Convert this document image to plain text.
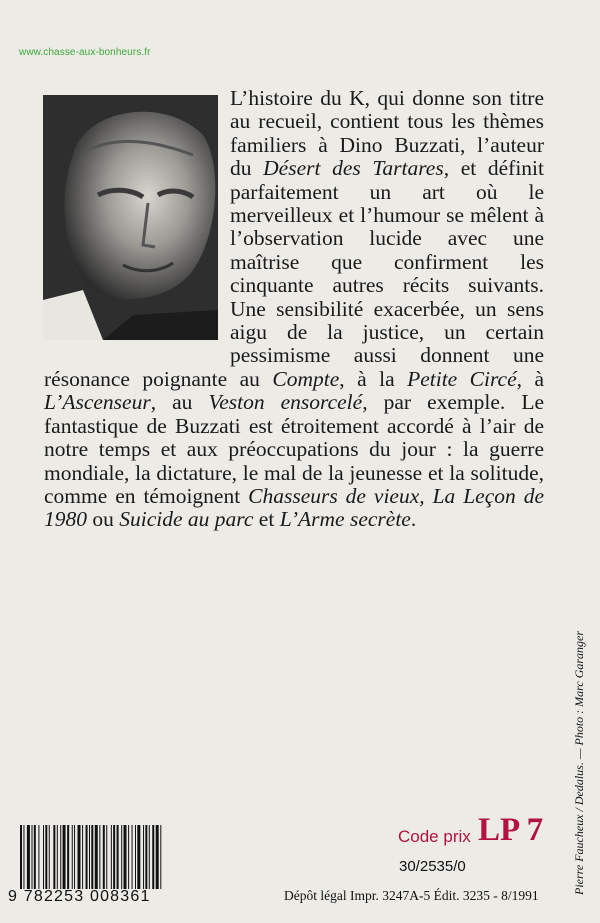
www.chasse-aux-bonheurs.fr
L’histoire du K, qui donne son titre au recueil, contient tous les thèmes familiers à Dino Buzzati, l’auteur du Désert des Tartares, et définit parfaitement un art où le merveilleux et l’humour se mêlent à l’observation lucide avec une maîtrise que confirment les cinquante autres récits suivants. Une sensibilité exacerbée, un sens aigu de la justice, un certain pessimisme aussi donnent une résonance poignante au Compte, à la Petite Circé, à L’Ascenseur, au Veston ensorcelé, par exemple. Le fantastique de Buzzati est étroitement accordé à l’air de notre temps et aux préoccupations du jour : la guerre mondiale, la dictature, le mal de la jeunesse et la solitude, comme en témoignent Chasseurs de vieux, La Leçon de 1980 ou Suicide au parc et L’Arme secrète.
Code prix LP 7
30/2535/0
9 782253 008361	Dépôt légal Impr. 3247A-5 Édit. 3235 - 8/1991
Pierre Faucheux / Dedalus. — Photo : Marc Garanger
